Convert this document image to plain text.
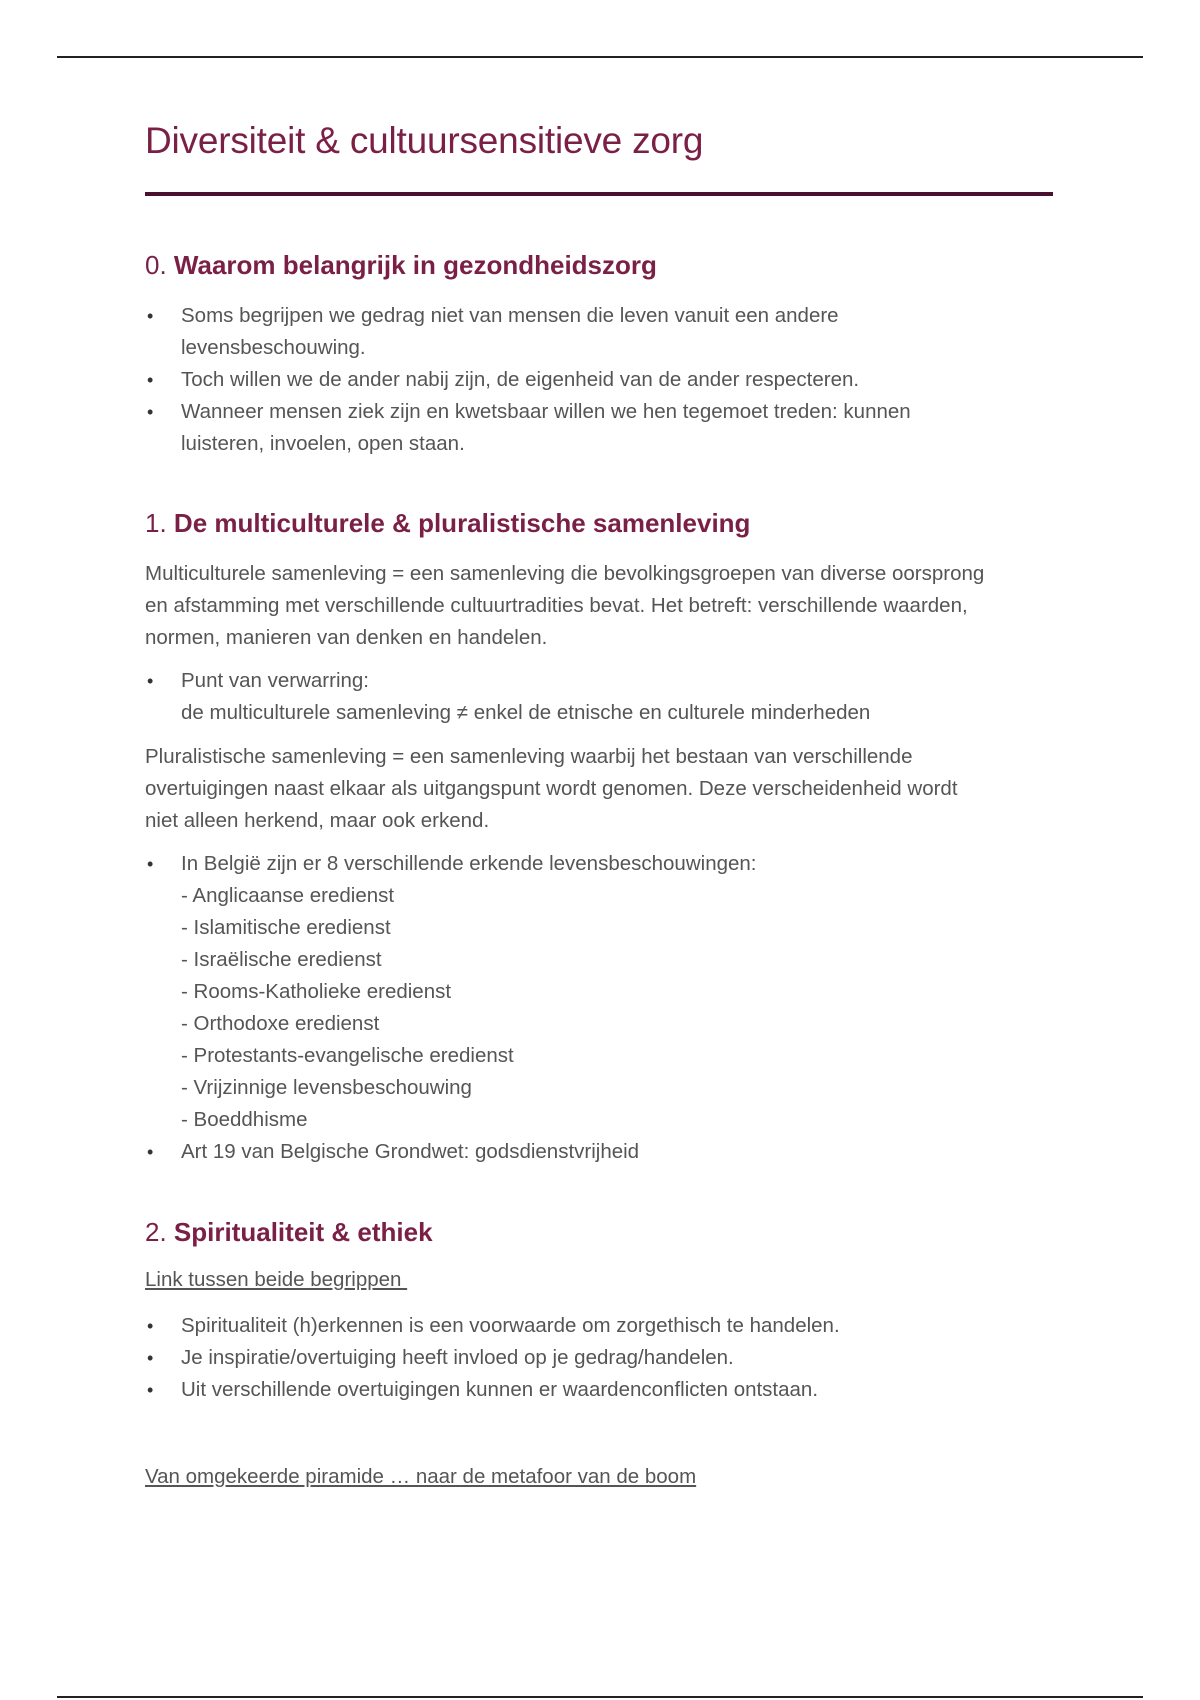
Diversiteit & cultuursensitieve zorg
0. Waarom belangrijk in gezondheidszorg
• Soms begrijpen we gedrag niet van mensen die leven vanuit een andere
levensbeschouwing.
• Toch willen we de ander nabij zijn, de eigenheid van de ander respecteren.
• Wanneer mensen ziek zijn en kwetsbaar willen we hen tegemoet treden: kunnen
luisteren, invoelen, open staan.
1. De multiculturele & pluralistische samenleving
Multiculturele samenleving = een samenleving die bevolkingsgroepen van diverse oorsprong
en afstamming met verschillende cultuurtradities bevat. Het betreft: verschillende waarden,
normen, manieren van denken en handelen.
• Punt van verwarring:
de multiculturele samenleving ≠ enkel de etnische en culturele minderheden
Pluralistische samenleving = een samenleving waarbij het bestaan van verschillende
overtuigingen naast elkaar als uitgangspunt wordt genomen. Deze verscheidenheid wordt
niet alleen herkend, maar ook erkend.
• In België zijn er 8 verschillende erkende levensbeschouwingen:
- Anglicaanse eredienst
- Islamitische eredienst
- Israëlische eredienst
- Rooms-Katholieke eredienst
- Orthodoxe eredienst
- Protestants-evangelische eredienst
- Vrijzinnige levensbeschouwing
- Boeddhisme
• Art 19 van Belgische Grondwet: godsdienstvrijheid
2. Spiritualiteit & ethiek
Link tussen beide begrippen
• Spiritualiteit (h)erkennen is een voorwaarde om zorgethisch te handelen.
• Je inspiratie/overtuiging heeft invloed op je gedrag/handelen.
• Uit verschillende overtuigingen kunnen er waardenconflicten ontstaan.
Van omgekeerde piramide … naar de metafoor van de boom
